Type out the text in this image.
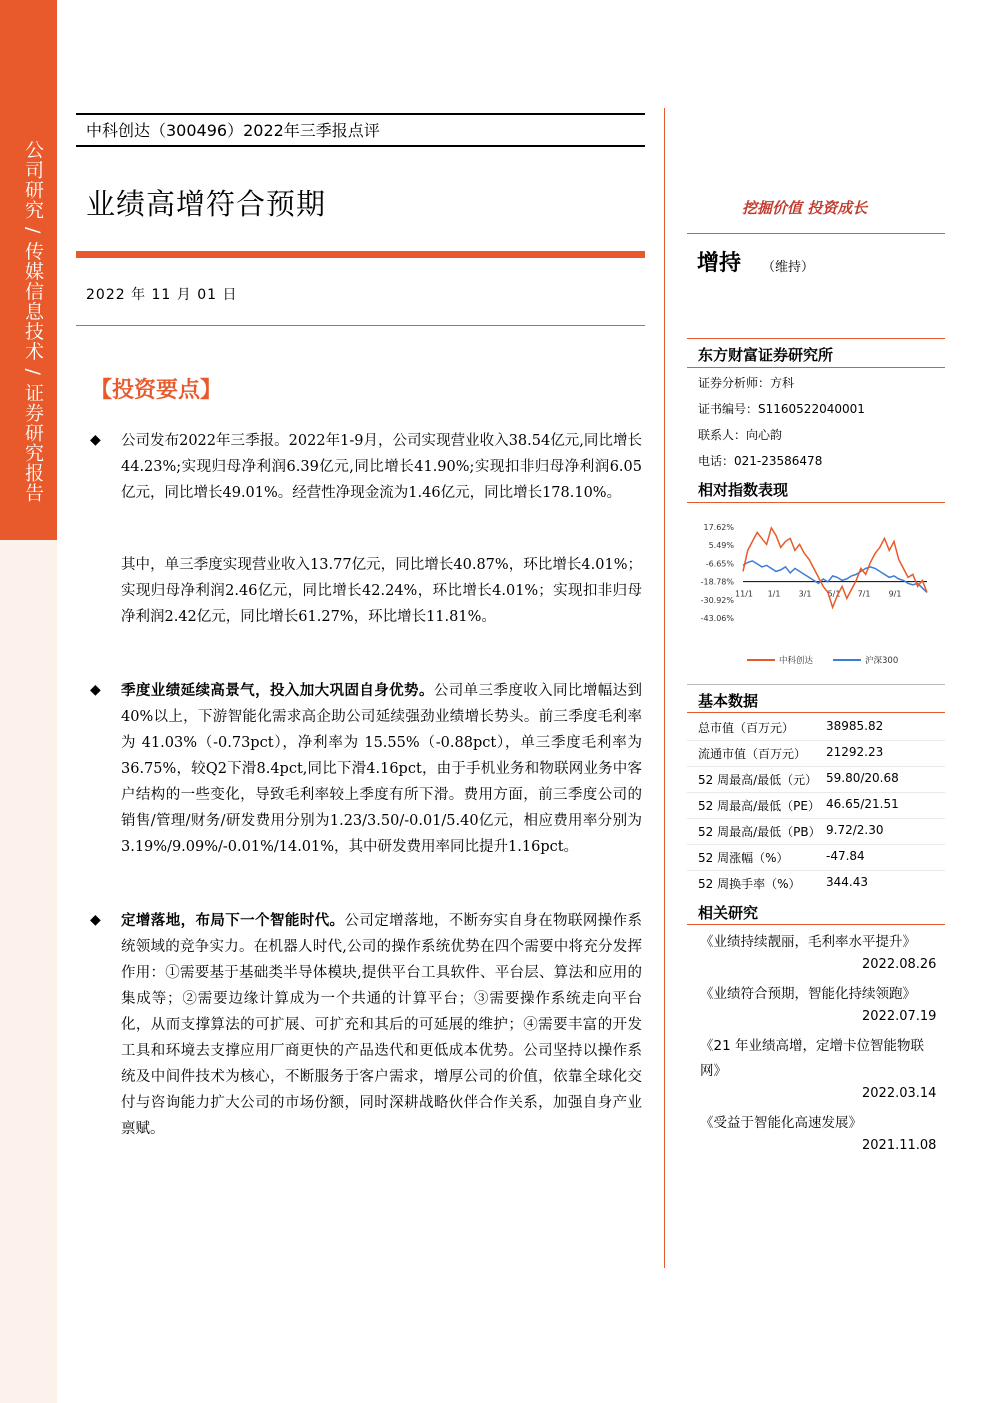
公司研究 / 传媒信息技术 / 证券研究报告
中科创达（300496）2022年三季报点评
业绩高增符合预期	挖掘价值 投资成长
增持 （维持）
2022 年 11 月 01 日
【投资要点】
◆ 公司发布2022年三季报。2022年1-9月，公司实现营业收入38.54亿元,同比增长44.23%;实现归母净利润6.39亿元,同比增长41.90%;实现扣非归母净利润6.05亿元，同比增长49.01%。经营性净现金流为1.46亿元，同比增长178.10%。
其中，单三季度实现营业收入13.77亿元，同比增长40.87%，环比增长4.01%；实现归母净利润2.46亿元，同比增长42.24%，环比增长4.01%；实现扣非归母净利润2.42亿元，同比增长61.27%，环比增长11.81%。
◆ 季度业绩延续高景气，投入加大巩固自身优势。公司单三季度收入同比增幅达到40%以上，下游智能化需求高企助公司延续强劲业绩增长势头。前三季度毛利率为 41.03%（-0.73pct），净利率为 15.55%（-0.88pct），单三季度毛利率为36.75%，较Q2下滑8.4pct,同比下滑4.16pct，由于手机业务和物联网业务中客户结构的一些变化，导致毛利率较上季度有所下滑。费用方面，前三季度公司的销售/管理/财务/研发费用分别为1.23/3.50/-0.01/5.40亿元，相应费用率分别为3.19%/9.09%/-0.01%/14.01%，其中研发费用率同比提升1.16pct。
◆ 定增落地，布局下一个智能时代。公司定增落地，不断夯实自身在物联网操作系统领域的竞争实力。在机器人时代,公司的操作系统优势在四个需要中将充分发挥作用：①需要基于基础类半导体模块,提供平台工具软件、平台层、算法和应用的集成等；②需要边缘计算成为一个共通的计算平台；③需要操作系统走向平台化，从而支撑算法的可扩展、可扩充和其后的可延展的维护；④需要丰富的开发工具和环境去支撑应用厂商更快的产品迭代和更低成本优势。公司坚持以操作系统及中间件技术为核心，不断服务于客户需求，增厚公司的价值，依靠全球化交付与咨询能力扩大公司的市场份额，同时深耕战略伙伴合作关系，加强自身产业禀赋。
东方财富证券研究所
证券分析师：方科
证书编号：S1160522040001
联系人：向心韵
电话：021-23586478
相对指数表现
17.62%
5.49%
-6.65%
-18.78%
-30.92%
-43.06%
11/1 1/1 3/1 5/1 7/1 9/1
中科创达	沪深300
基本数据
总市值（百万元）	38985.82
流通市值（百万元） 21292.23
52 周最高/最低（元） 59.80/20.68
52 周最高/最低（PE） 46.65/21.51
52 周最高/最低（PB） 9.72/2.30
52 周涨幅（%）	-47.84
52 周换手率（%） 344.43
相关研究
《业绩持续靓丽，毛利率水平提升》
2022.08.26
《业绩符合预期，智能化持续领跑》
2022.07.19
《21 年业绩高增，定增卡位智能物联网》
2022.03.14
《受益于智能化高速发展》
2021.11.08
